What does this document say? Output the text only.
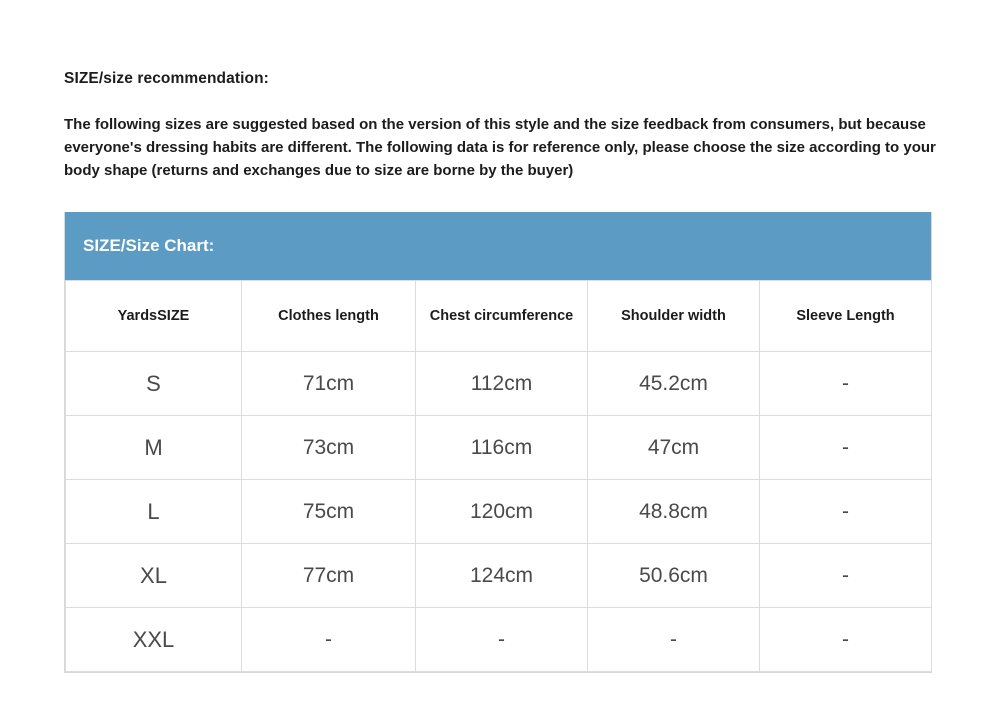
SIZE/size recommendation:
The following sizes are suggested based on the version of this style and the size feedback from consumers, but because everyone's dressing habits are different. The following data is for reference only, please choose the size according to your body shape (returns and exchanges due to size are borne by the buyer)
SIZE/Size Chart:
YardsSIZE	Clothes length	Chest circumference	Shoulder width	Sleeve Length
S	71cm	112cm	45.2cm	-
M	73cm	116cm	47cm	-
L	75cm	120cm	48.8cm	-
XL	77cm	124cm	50.6cm	-
XXL	-	-	-	-
